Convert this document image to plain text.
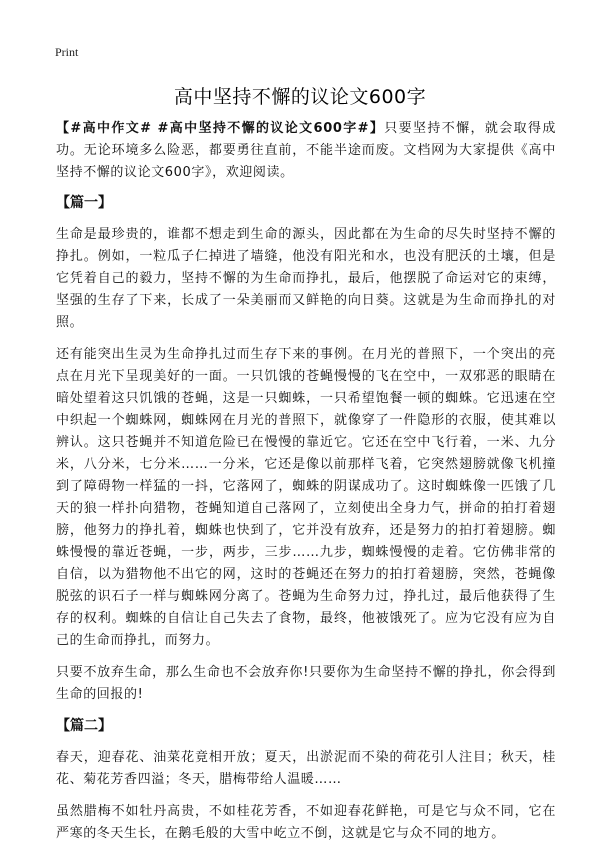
Print
高中坚持不懈的议论文600字

【#高中作文# #高中坚持不懈的议论文600字#】只要坚持不懈，就会取得成功。无论环境多么险恶，都要勇往直前，不能半途而废。文档网为大家提供《高中坚持不懈的议论文600字》，欢迎阅读。

【篇一】

生命是最珍贵的，谁都不想走到生命的源头，因此都在为生命的尽失时坚持不懈的挣扎。例如，一粒瓜子仁掉进了墙缝，他没有阳光和水，也没有肥沃的土壤，但是它凭着自己的毅力，坚持不懈的为生命而挣扎，最后，他摆脱了命运对它的束缚，坚强的生存了下来，长成了一朵美丽而又鲜艳的向日葵。这就是为生命而挣扎的对照。

还有能突出生灵为生命挣扎过而生存下来的事例。在月光的普照下，一个突出的亮点在月光下呈现美好的一面。一只饥饿的苍蝇慢慢的飞在空中，一双邪恶的眼睛在暗处望着这只饥饿的苍蝇，这是一只蜘蛛，一只希望饱餐一顿的蜘蛛。它迅速在空中织起一个蜘蛛网，蜘蛛网在月光的普照下，就像穿了一件隐形的衣服，使其难以辨认。这只苍蝇并不知道危险已在慢慢的靠近它。它还在空中飞行着，一米、九分米，八分米，七分米……一分米，它还是像以前那样飞着，它突然翅膀就像飞机撞到了障碍物一样猛的一抖，它落网了，蜘蛛的阴谋成功了。这时蜘蛛像一匹饿了几天的狼一样扑向猎物，苍蝇知道自己落网了，立刻使出全身力气，拼命的拍打着翅膀，他努力的挣扎着，蜘蛛也快到了，它并没有放弃，还是努力的拍打着翅膀。蜘蛛慢慢的靠近苍蝇，一步，两步，三步……九步，蜘蛛慢慢的走着。它仿佛非常的自信，以为猎物他不出它的网，这时的苍蝇还在努力的拍打着翅膀，突然，苍蝇像脱弦的识石子一样与蜘蛛网分离了。苍蝇为生命努力过，挣扎过，最后他获得了生存的权利。蜘蛛的自信让自己失去了食物，最终，他被饿死了。应为它没有应为自己的生命而挣扎，而努力。

只要不放弃生命，那么生命也不会放弃你!只要你为生命坚持不懈的挣扎，你会得到生命的回报的!

【篇二】

春天，迎春花、油菜花竟相开放；夏天，出淤泥而不染的荷花引人注目；秋天，桂花、菊花芳香四溢；冬天，腊梅带给人温暖……

虽然腊梅不如牡丹高贵，不如桂花芳香，不如迎春花鲜艳，可是它与众不同，它在严寒的冬天生长，在鹅毛般的大雪中屹立不倒，这就是它与众不同的地方。
